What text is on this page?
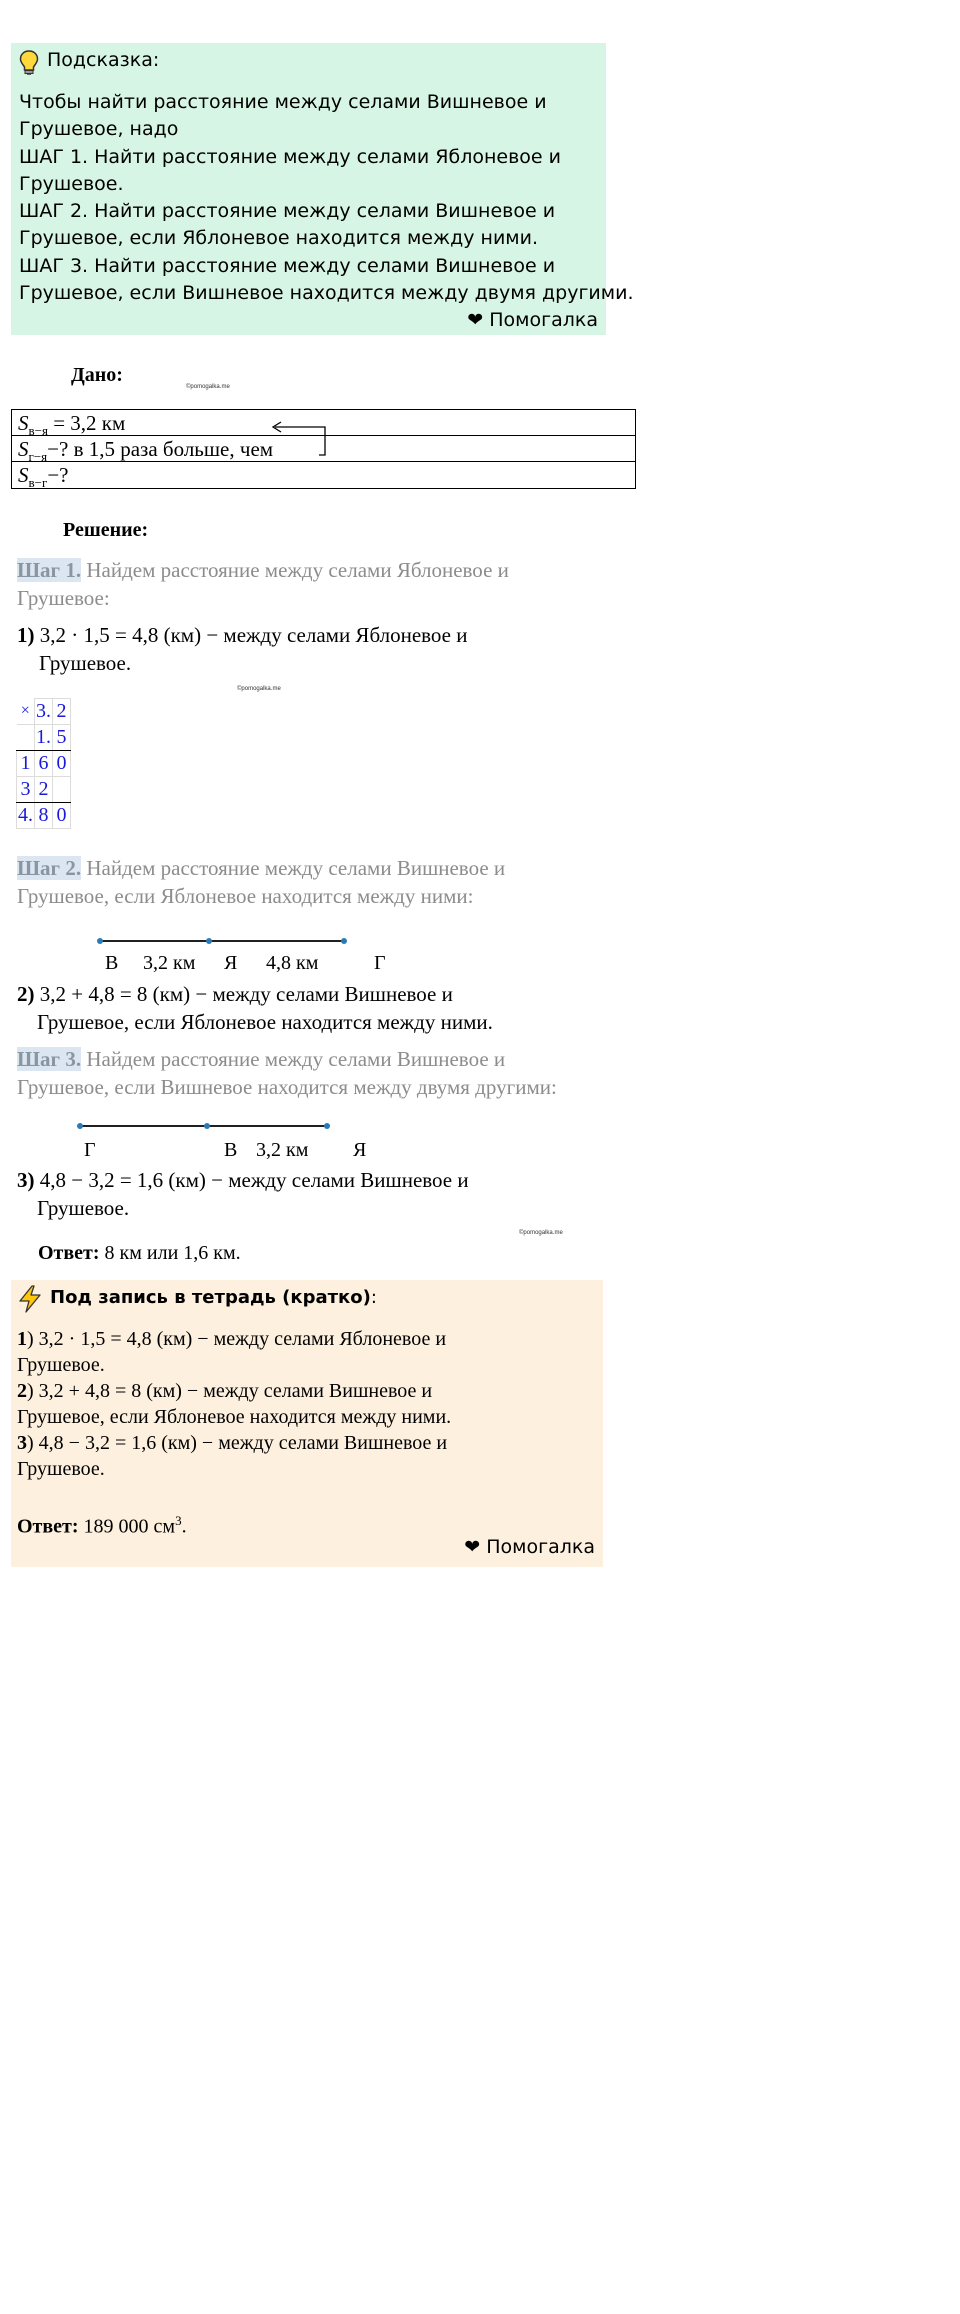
Подсказка:
Чтобы найти расстояние между селами Вишневое и
Грушевое, надо
ШАГ 1. Найти расстояние между селами Яблоневое и
Грушевое.
ШАГ 2. Найти расстояние между селами Вишневое и
Грушевое, если Яблоневое находится между ними.
ШАГ 3. Найти расстояние между селами Вишневое и
Грушевое, если Вишневое находится между двумя другими.
❤ Помогалка
Дано:
©pomogalka.me
$S_{в-я} = 3,2$ км
$S_{г-я}-$? в 1,5 раза больше, чем
$S_{в-г}-$?
Решение:
Шаг 1. Найдем расстояние между селами Яблоневое и
Грушевое:
1) 3,2 · 1,5 = 4,8 (км) − между селами Яблоневое и
Грушевое.
©pomogalka.me
×	3.	2
	1.	5
1	6	0
3	2	
4.	8	0
Шаг 2. Найдем расстояние между селами Вишневое и
Грушевое, если Яблоневое находится между ними:
В 3,2 км Я 4,8 км	Г
2) 3,2 + 4,8 = 8 (км) − между селами Вишневое и
Грушевое, если Яблоневое находится между ними.
Шаг 3. Найдем расстояние между селами Вишневое и
Грушевое, если Вишневое находится между двумя другими:
Г	В 3,2 км Я
3) 4,8 − 3,2 = 1,6 (км) − между селами Вишневое и
Грушевое.
©pomogalka.me
Ответ: 8 км или 1,6 км.
Под запись в тетрадь (кратко):
1) 3,2 · 1,5 = 4,8 (км) − между селами Яблоневое и
Грушевое.
2) 3,2 + 4,8 = 8 (км) − между селами Вишневое и
Грушевое, если Яблоневое находится между ними.
3) 4,8 − 3,2 = 1,6 (км) − между селами Вишневое и
Грушевое.
Ответ: 189 000 $см^3$.
❤ Помогалка
